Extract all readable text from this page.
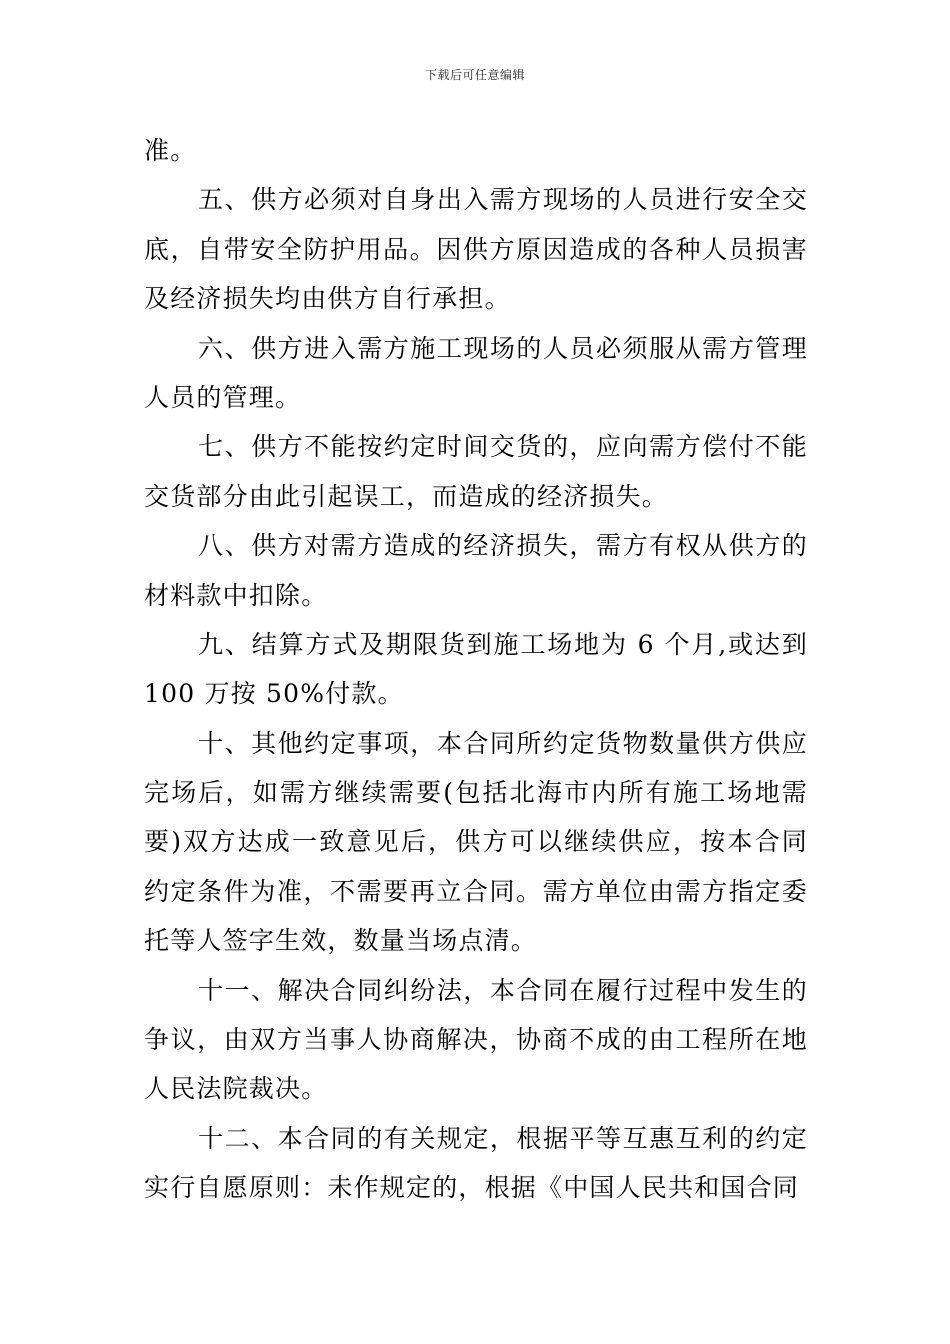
下载后可任意编辑
准。
五、供方必须对自身出入需方现场的人员进行安全交
底，自带安全防护用品。因供方原因造成的各种人员损害
及经济损失均由供方自行承担。
六、供方进入需方施工现场的人员必须服从需方管理
人员的管理。
七、供方不能按约定时间交货的，应向需方偿付不能
交货部分由此引起误工，而造成的经济损失。
八、供方对需方造成的经济损失，需方有权从供方的
材料款中扣除。
九、结算方式及期限货到施工场地为 6 个月,或达到
100 万按 50%付款。
十、其他约定事项，本合同所约定货物数量供方供应
完场后，如需方继续需要(包括北海市内所有施工场地需
要)双方达成一致意见后，供方可以继续供应，按本合同
约定条件为准，不需要再立合同。需方单位由需方指定委
托等人签字生效，数量当场点清。
十一、解决合同纠纷法，本合同在履行过程中发生的
争议，由双方当事人协商解决，协商不成的由工程所在地
人民法院裁决。
十二、本合同的有关规定，根据平等互惠互利的约定
实行自愿原则：未作规定的，根据《中国人民共和国合同
